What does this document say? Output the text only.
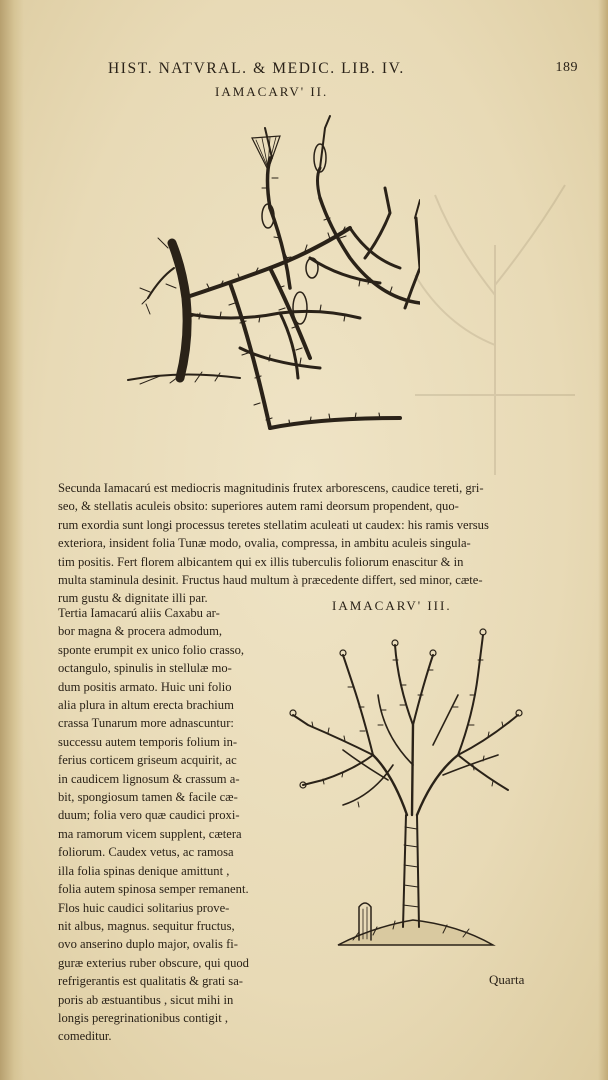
HIST. NATVRAL. & MEDIC. LIB. IV.	189
IAMACARV' II.
Secunda Iamacarú est mediocris magnitudinis frutex arborescens, caudice tereti, gri-
seo, & stellatis aculeis obsito: superiores autem rami deorsum propendent, quo-
rum exordia sunt longi processus teretes stellatim aculeati ut caudex: his ramis versus
exteriora, insident folia Tunæ modo, ovalia, compressa, in ambitu aculeis singula-
tim positis. Fert florem albicantem qui ex illis tuberculis foliorum enascitur & in
multa staminula desinit. Fructus haud multum à præcedente differt, sed minor, cæte-
rum gustu & dignitate illi par.	IAMACARV' III.
Tertia Iamacarú aliis Caxabu ar-
bor magna & procera admodum,
sponte erumpit ex unico folio crasso,
octangulo, spinulis in stellulæ mo-
dum positis armato. Huic uni folio
alia plura in altum erecta brachium
crassa Tunarum more adnascuntur:
successu autem temporis folium in-
ferius corticem griseum acquirit, ac
in caudicem lignosum & crassum a-
bit, spongiosum tamen & facile cæ-
duum; folia vero quæ caudici proxi-
ma ramorum vicem supplent, cætera
foliorum. Caudex vetus, ac ramosa
illa folia spinas denique amittunt ,
folia autem spinosa semper remanent.
Flos huic caudici solitarius prove-
nit albus, magnus. sequitur fructus,
ovo anserino duplo major, ovalis fi-
guræ exterius ruber obscure, qui quod
refrigerantis est qualitatis & grati sa-
poris ab æstuantibus , sicut mihi in
longis peregrinationibus contigit ,
comeditur.
Quarta
